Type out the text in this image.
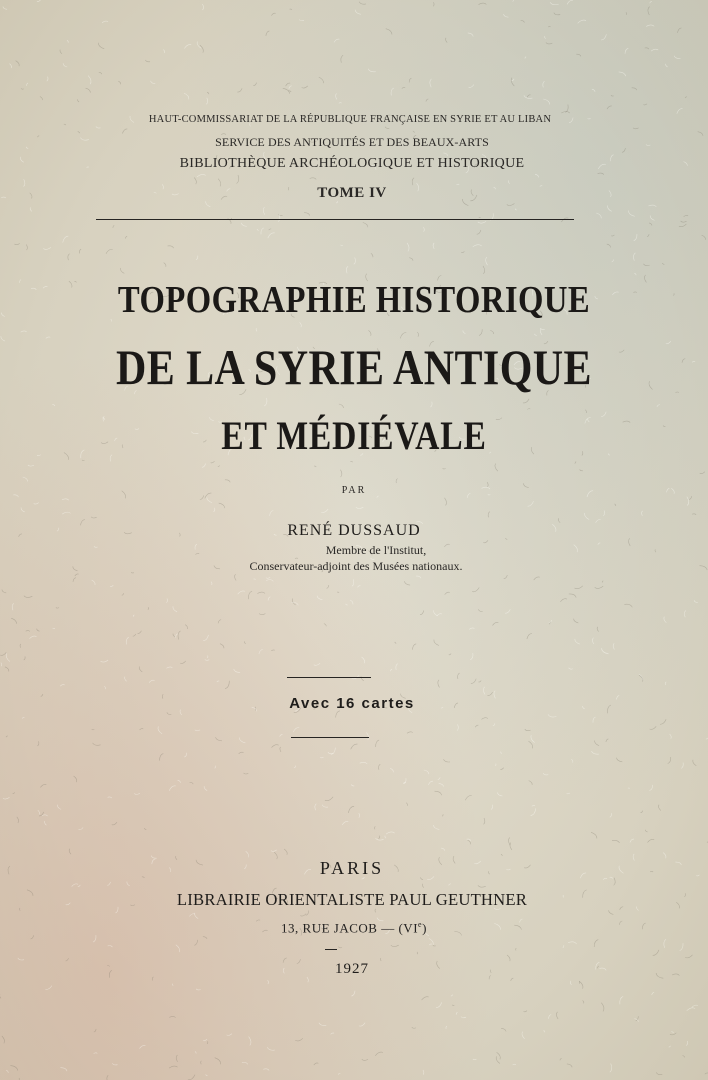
HAUT-COMMISSARIAT DE LA RÉPUBLIQUE FRANÇAISE EN SYRIE ET AU LIBAN

SERVICE DES ANTIQUITÉS ET DES BEAUX-ARTS

BIBLIOTHÈQUE ARCHÉOLOGIQUE ET HISTORIQUE

TOME IV

TOPOGRAPHIE HISTORIQUE

DE LA SYRIE ANTIQUE

ET MÉDIÉVALE

PAR

RENÉ DUSSAUD

Membre de l'Institut,

Conservateur-adjoint des Musées nationaux.

Avec 16 cartes

PARIS

LIBRAIRIE ORIENTALISTE PAUL GEUTHNER

13, RUE JACOB — (VIe)

1927
